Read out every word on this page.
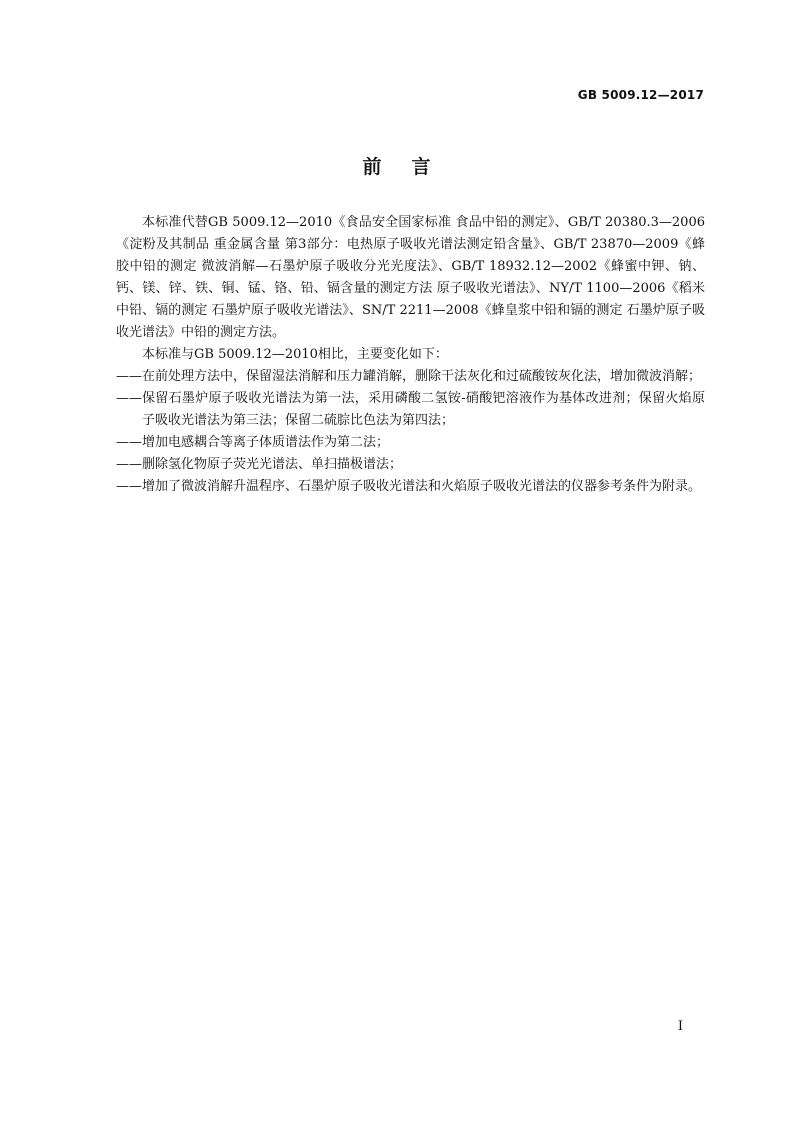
GB 5009.12—2017
前言

本标准代替GB 5009.12—2010《食品安全国家标准 食品中铅的测定》、GB/T 20380.3—2006《淀粉及其制品 重金属含量 第3部分：电热原子吸收光谱法测定铅含量》、GB/T 23870—2009《蜂胶中铅的测定 微波消解—石墨炉原子吸收分光光度法》、GB/T 18932.12—2002《蜂蜜中钾、钠、钙、镁、锌、铁、铜、锰、铬、铅、镉含量的测定方法 原子吸收光谱法》、NY/T 1100—2006《稻米中铅、镉的测定 石墨炉原子吸收光谱法》、SN/T 2211—2008《蜂皇浆中铅和镉的测定 石墨炉原子吸收光谱法》中铅的测定方法。

本标准与GB 5009.12—2010相比，主要变化如下：

—— 在前处理方法中，保留湿法消解和压力罐消解，删除干法灰化和过硫酸铵灰化法，增加微波消解；
—— 保留石墨炉原子吸收光谱法为第一法，采用磷酸二氢铵-硝酸钯溶液作为基体改进剂；保留火焰原子吸收光谱法为第三法；保留二硫腙比色法为第四法；
—— 增加电感耦合等离子体质谱法作为第二法；
—— 删除氢化物原子荧光光谱法、单扫描极谱法；
—— 增加了微波消解升温程序、石墨炉原子吸收光谱法和火焰原子吸收光谱法的仪器参考条件为附录。
I
